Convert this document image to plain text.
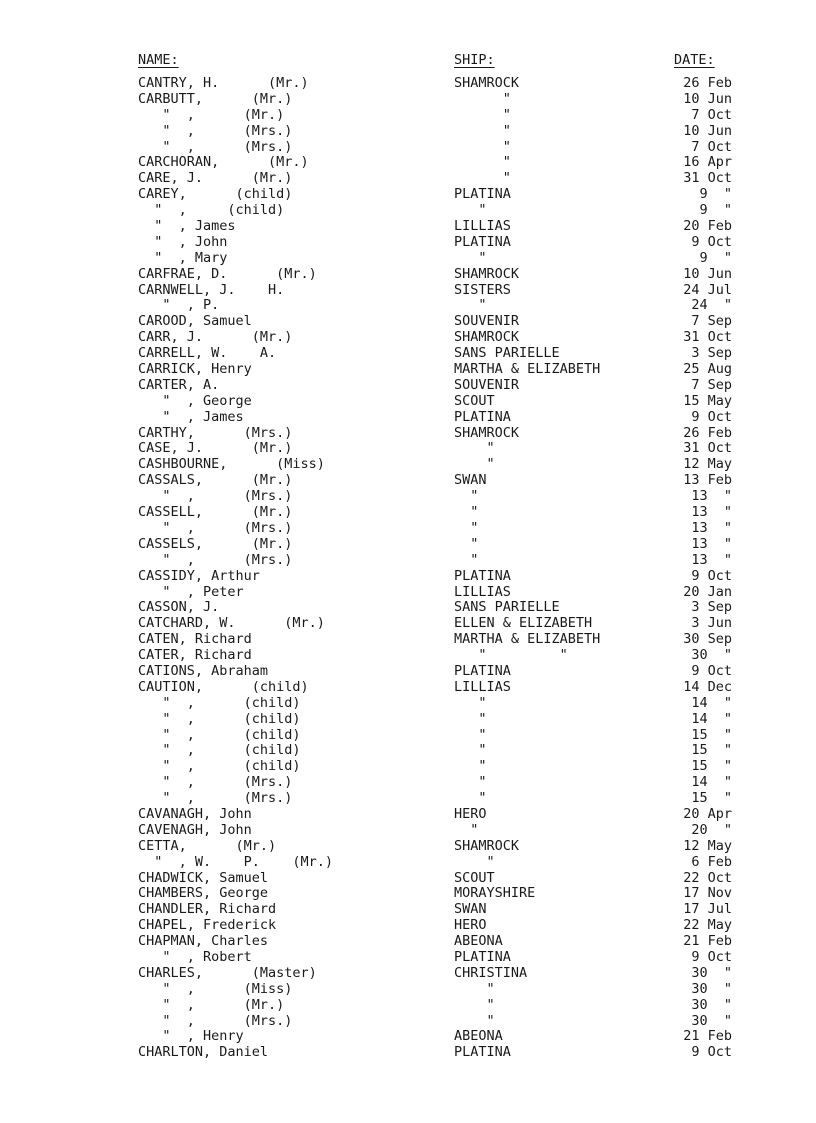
NAME:	SHIP:	DATE:
CANTRY, H.      (Mr.)	SHAMROCK	26 Feb
CARBUTT,      (Mr.)	"	10 Jun
"  ,      (Mr.)	"	7 Oct
"  ,      (Mrs.)	"	10 Jun
"  ,      (Mrs.)	"	7 Oct
CARCHORAN,      (Mr.)	"	16 Apr
CARE, J.      (Mr.)	"	31 Oct
CAREY,      (child)	PLATINA	9  "
"  ,     (child)	"	9  "
"  , James	LILLIAS	20 Feb
"  , John	PLATINA	9 Oct
"  , Mary	"	9  "
CARFRAE, D.      (Mr.)	SHAMROCK	10 Jun
CARNWELL, J.    H.	SISTERS	24 Jul
"  , P.	"	24  "
CAROOD, Samuel	SOUVENIR	7 Sep
CARR, J.      (Mr.)	SHAMROCK	31 Oct
CARRELL, W.    A.	SANS PARIELLE	3 Sep
CARRICK, Henry	MARTHA & ELIZABETH	25 Aug
CARTER, A.	SOUVENIR	7 Sep
"  , George	SCOUT	15 May
"  , James	PLATINA	9 Oct
CARTHY,      (Mrs.)	SHAMROCK	26 Feb
CASE, J.      (Mr.)	"	31 Oct
CASHBOURNE,      (Miss)	"	12 May
CASSALS,      (Mr.)	SWAN	13 Feb
"  ,      (Mrs.)	"	13  "
CASSELL,      (Mr.)	"	13  "
"  ,      (Mrs.)	"	13  "
CASSELS,      (Mr.)	"	13  "
"  ,      (Mrs.)	"	13  "
CASSIDY, Arthur	PLATINA	9 Oct
"  , Peter	LILLIAS	20 Jan
CASSON, J.	SANS PARIELLE	3 Sep
CATCHARD, W.      (Mr.)	ELLEN & ELIZABETH	3 Jun
CATEN, Richard	MARTHA & ELIZABETH	30 Sep
CATER, Richard	"         "	30  "
CATIONS, Abraham	PLATINA	9 Oct
CAUTION,      (child)	LILLIAS	14 Dec
"  ,      (child)	"	14  "
"  ,      (child)	"	14  "
"  ,      (child)	"	15  "
"  ,      (child)	"	15  "
"  ,      (child)	"	15  "
"  ,      (Mrs.)	"	14  "
"  ,      (Mrs.)	"	15  "
CAVANAGH, John	HERO	20 Apr
CAVENAGH, John	"	20  "
CETTA,      (Mr.)	SHAMROCK	12 May
"  , W.    P.    (Mr.)	"	6 Feb
CHADWICK, Samuel	SCOUT	22 Oct
CHAMBERS, George	MORAYSHIRE	17 Nov
CHANDLER, Richard	SWAN	17 Jul
CHAPEL, Frederick	HERO	22 May
CHAPMAN, Charles	ABEONA	21 Feb
"  , Robert	PLATINA	9 Oct
CHARLES,      (Master)	CHRISTINA	30  "
"  ,      (Miss)	"	30  "
"  ,      (Mr.)	"	30  "
"  ,      (Mrs.)	"	30  "
"  , Henry	ABEONA	21 Feb
CHARLTON, Daniel	PLATINA	9 Oct
